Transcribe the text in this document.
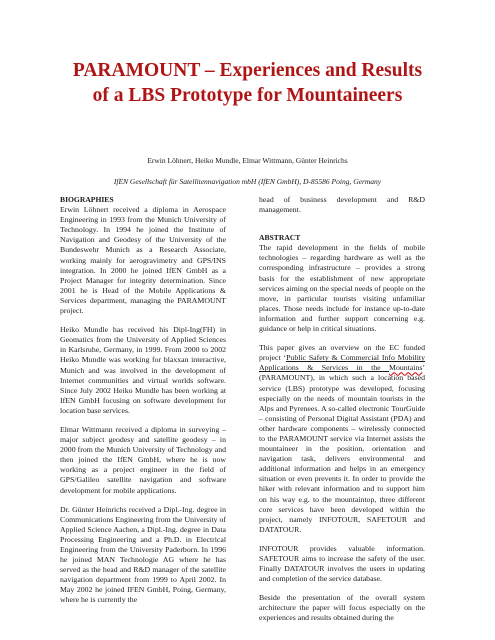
PARAMOUNT – Experiences and Results
of a LBS Prototype for Mountaineers
Erwin Löhnert, Heiko Mundle, Elmar Wittmann, Günter Heinrichs
IfEN Gesellschaft für Satellitennavigation mbH (IfEN GmbH), D-85586 Poing, Germany
BIOGRAPHIES

Erwin Löhnert received a diploma in Aerospace Engineering in 1993 from the Munich University of Technology. In 1994 he joined the Institute of Navigation and Geodesy of the University of the Bundeswehr Munich as a Research Associate, working mainly for aerogravimetry and GPS/INS integration. In 2000 he joined IfEN GmbH as a Project Manager for integrity determination. Since 2001 he is Head of the Mobile Applications & Services department, managing the PARAMOUNT project.

Heiko Mundle has received his Dipl-Ing(FH) in Geomatics from the University of Applied Sciences in Karlsruhe, Germany, in 1999. From 2000 to 2002 Heiko Mundle was working for blaxxan interactive, Munich and was involved in the development of Internet communities and virtual worlds software. Since July 2002 Heiko Mundle has been working at IfEN GmbH focusing on software development for location base services.

Elmar Wittmann received a diploma in surveying – major subject geodesy and satellite geodesy – in 2000 from the Munich University of Technology and then joined the IfEN GmbH, where he is now working as a project engineer in the field of GPS/Galileo satellite navigation and software development for mobile applications.

Dr. Günter Heinrichs received a Dipl.-Ing. degree in Communications Engineering from the University of Applied Science Aachen, a Dipl.-Ing. degree in Data Processing Engineering and a Ph.D. in Electrical Engineering from the University Paderborn. In 1996 he joined MAN Technologie AG where he has served as the head and R&D manager of the satellite navigation department from 1999 to April 2002. In May 2002 he joined IFEN GmbH, Poing, Germany, where he is currently the

head of business development and R&D management.

ABSTRACT

The rapid development in the fields of mobile technologies – regarding hardware as well as the corresponding infrastructure – provides a strong basis for the establishment of new appropriate services aiming on the special needs of people on the move, in particular tourists visiting unfamiliar places. Those needs include for instance up-to-date information and further support concerning e.g. guidance or help in critical situations.

This paper gives an overview on the EC funded project ‘Public Safety & Commercial Info Mobility Applications & Services in the Mountains’ (PARAMOUNT), in which such a location based service (LBS) prototype was developed, focusing especially on the needs of mountain tourists in the Alps and Pyrenees. A so-called electronic TourGuide – consisting of Personal Digital Assistant (PDA) and other hardware components – wirelessly connected to the PARAMOUNT service via Internet assists the mountaineer in the position, orientation and navigation task, delivers environmental and additional information and helps in an emergency situation or even prevents it. In order to provide the hiker with relevant information and to support him on his way e.g. to the mountaintop, three different core services have been developed within the project, namely INFOTOUR, SAFETOUR and DATATOUR.

INFOTOUR provides valuable information. SAFETOUR aims to increase the safety of the user. Finally DATATOUR involves the users in updating and completion of the service database.

Beside the presentation of the overall system architecture the paper will focus especially on the experiences and results obtained during the
